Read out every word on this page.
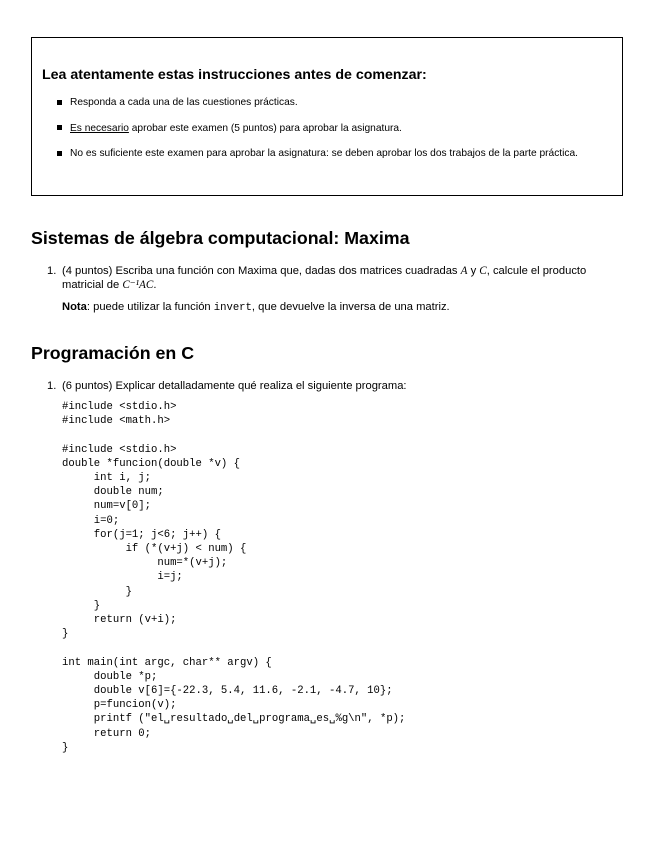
Lea atentamente estas instrucciones antes de comenzar:
Responda a cada una de las cuestiones prácticas.
Es necesario aprobar este examen (5 puntos) para aprobar la asignatura.
No es suficiente este examen para aprobar la asignatura: se deben aprobar los dos trabajos de la parte práctica.
Sistemas de álgebra computacional: Maxima
1. (4 puntos) Escriba una función con Maxima que, dadas dos matrices cuadradas A y C, calcule el producto matricial de C⁻¹AC.
Nota: puede utilizar la función invert, que devuelve la inversa de una matriz.
Programación en C
1. (6 puntos) Explicar detalladamente qué realiza el siguiente programa:
#include <stdio.h>
#include <math.h>

#include <stdio.h>
double *funcion(double *v) {
int i, j;
double num;
num=v[0];
i=0;
for(j=1; j<6; j++) {
if (*(v+j) < num) {
num=*(v+j);
i=j;
}
}
return (v+i);
}

int main(int argc, char** argv) {
double *p;
double v[6]={-22.3, 5.4, 11.6, -2.1, -4.7, 10};
p=funcion(v);
printf ("el␣resultado␣del␣programa␣es␣%g\n", *p);
return 0;
}
